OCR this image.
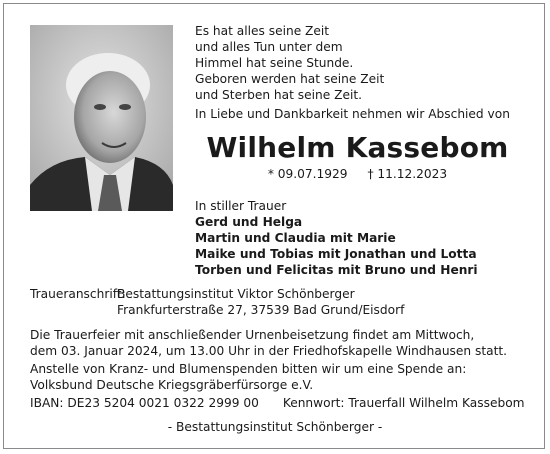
Es hat alles seine Zeit
und alles Tun unter dem
Himmel hat seine Stunde.
Geboren werden hat seine Zeit
und Sterben hat seine Zeit.
In Liebe und Dankbarkeit nehmen wir Abschied von
Wilhelm Kassebom
* 09.07.1929 † 11.12.2023
In stiller Trauer
Gerd und Helga
Martin und Claudia mit Marie
Maike und Tobias mit Jonathan und Lotta
Torben und Felicitas mit Bruno und Henri
Traueranschrift:
Bestattungsinstitut Viktor Schönberger
Frankfurterstraße 27, 37539 Bad Grund/Eisdorf
Die Trauerfeier mit anschließender Urnenbeisetzung findet am Mittwoch,
dem 03. Januar 2024, um 13.00 Uhr in der Friedhofskapelle Windhausen statt.
Anstelle von Kranz- und Blumenspenden bitten wir um eine Spende an:
Volksbund Deutsche Kriegsgräberfürsorge e.V.
IBAN: DE23 5204 0021 0322 2999 00 Kennwort: Trauerfall Wilhelm Kassebom
- Bestattungsinstitut Schönberger -
